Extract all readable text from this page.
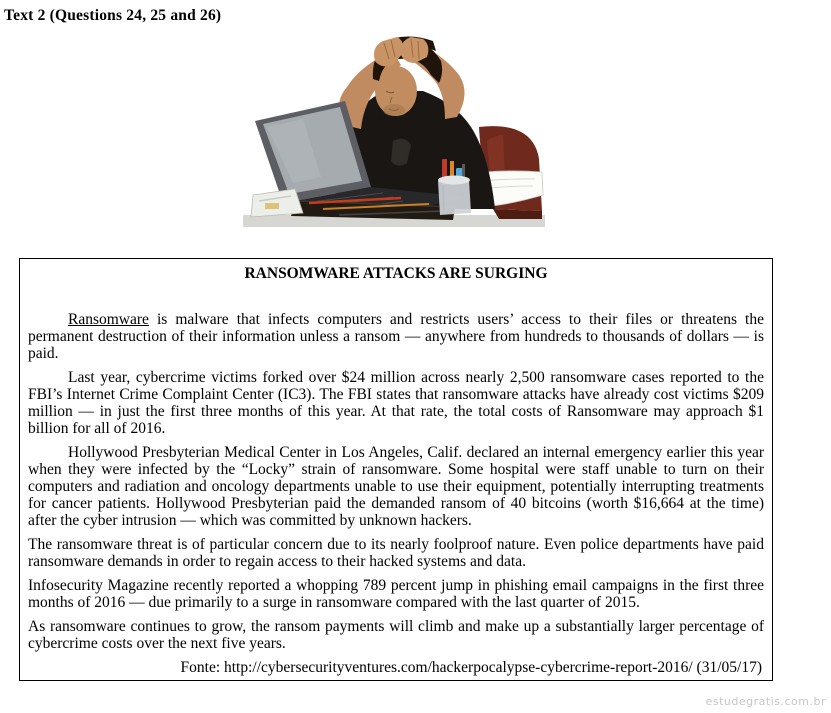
Text 2 (Questions 24, 25 and 26)
RANSOMWARE ATTACKS ARE SURGING

Ransomware is malware that infects computers and restricts users’ access to their files or threatens the permanent destruction of their information unless a ransom — anywhere from hundreds to thousands of dollars — is paid.

Last year, cybercrime victims forked over $24 million across nearly 2,500 ransomware cases reported to the FBI’s Internet Crime Complaint Center (IC3). The FBI states that ransomware attacks have already cost victims $209 million — in just the first three months of this year. At that rate, the total costs of Ransomware may approach $1 billion for all of 2016.

Hollywood Presbyterian Medical Center in Los Angeles, Calif. declared an internal emergency earlier this year when they were infected by the “Locky” strain of ransomware. Some hospital were staff unable to turn on their computers and radiation and oncology departments unable to use their equipment, potentially interrupting treatments for cancer patients. Hollywood Presbyterian paid the demanded ransom of 40 bitcoins (worth $16,664 at the time) after the cyber intrusion — which was committed by unknown hackers.

The ransomware threat is of particular concern due to its nearly foolproof nature. Even police departments have paid ransomware demands in order to regain access to their hacked systems and data.

Infosecurity Magazine recently reported a whopping 789 percent jump in phishing email campaigns in the first three months of 2016 — due primarily to a surge in ransomware compared with the last quarter of 2015.

As ransomware continues to grow, the ransom payments will climb and make up a substantially larger percentage of cybercrime costs over the next five years.

Fonte: http://cybersecurityventures.com/hackerpocalypse-cybercrime-report-2016/ (31/05/17)
estudegratis.com.br
